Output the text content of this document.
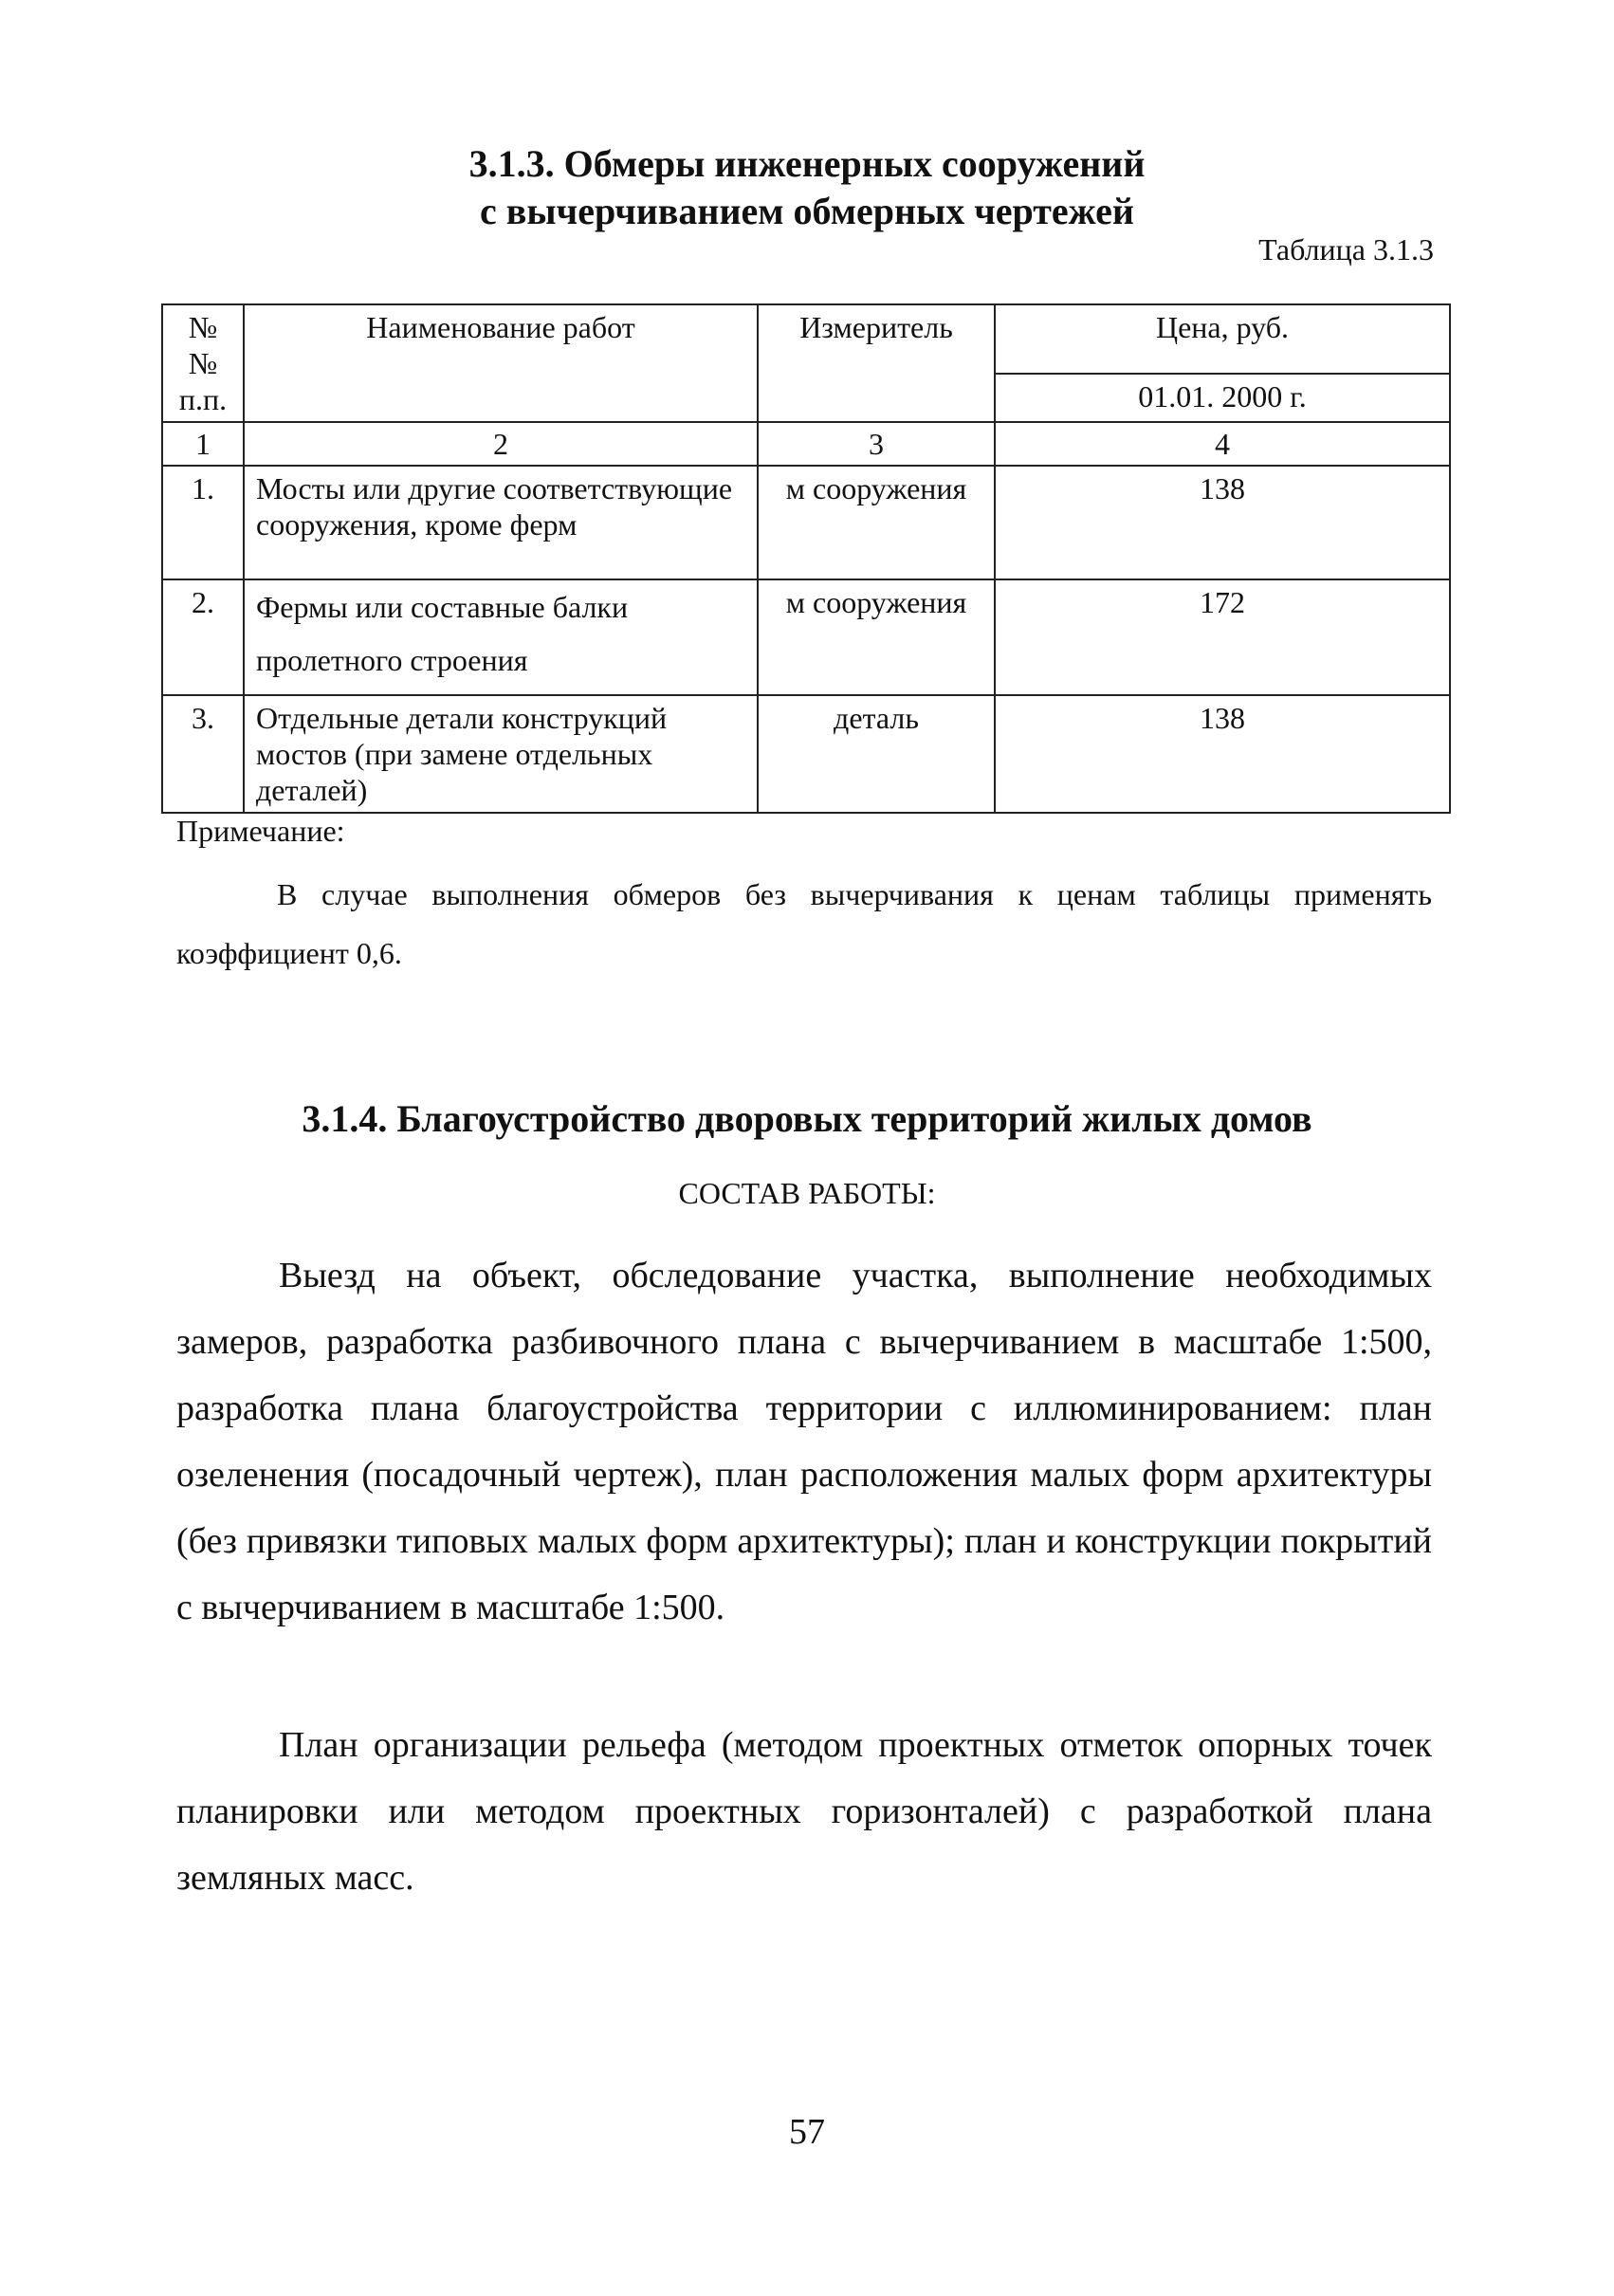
3.1.3. Обмеры инженерных сооружений
с вычерчиванием обмерных чертежей
Таблица 3.1.3
№№ п.п.	Наименование работ	Измеритель	Цена, руб.
			01.01. 2000 г.
1	2	3	4
1.	Мосты или другие соответствующие сооружения, кроме ферм	м сооружения	138
2.	Фермы или составные балки пролетного строения	м сооружения	172
3.	Отдельные детали конструкций мостов (при замене отдельных деталей)	деталь	138
Примечание:
В случае выполнения обмеров без вычерчивания к ценам таблицы применять коэффициент 0,6.
3.1.4. Благоустройство дворовых территорий жилых домов
СОСТАВ РАБОТЫ:
Выезд на объект, обследование участка, выполнение необходимых замеров, разработка разбивочного плана с вычерчиванием в масштабе 1:500, разработка плана благоустройства территории с иллюминированием: план озеленения (посадочный чертеж), план расположения малых форм архитектуры (без привязки типовых малых форм архитектуры); план и конструкции покрытий с вычерчиванием в масштабе 1:500.
План организации рельефа (методом проектных отметок опорных точек планировки или методом проектных горизонталей) с разработкой плана земляных масс.
57
